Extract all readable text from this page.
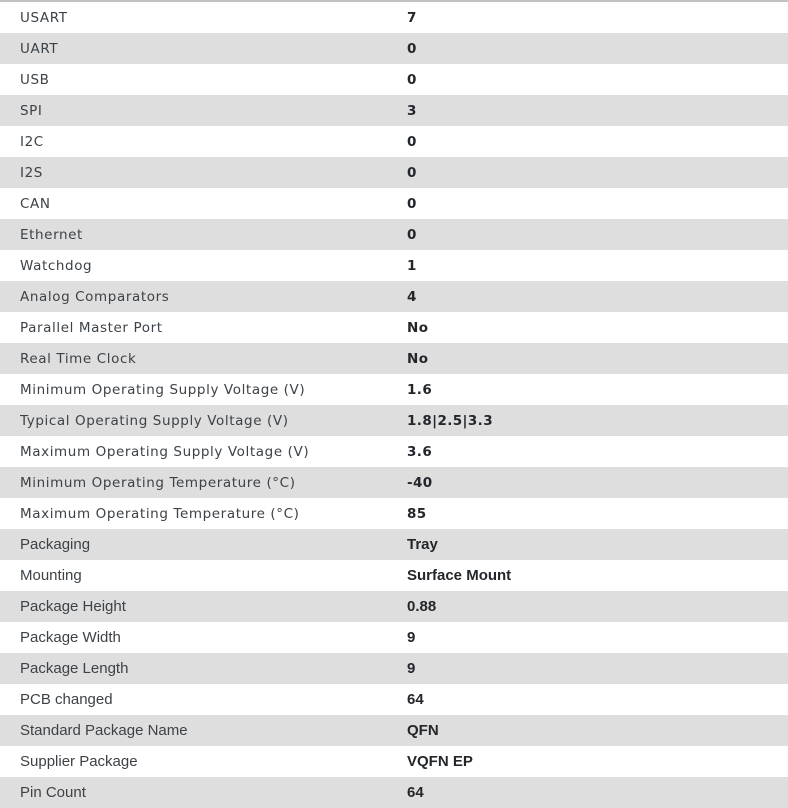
USART	7
UART	0
USB	0
SPI	3
I2C	0
I2S	0
CAN	0
Ethernet	0
Watchdog	1
Analog Comparators	4
Parallel Master Port	No
Real Time Clock	No
Minimum Operating Supply Voltage (V)	1.6
Typical Operating Supply Voltage (V)	1.8|2.5|3.3
Maximum Operating Supply Voltage (V)	3.6
Minimum Operating Temperature (°C)	-40
Maximum Operating Temperature (°C)	85
Packaging	Tray
Mounting	Surface Mount
Package Height	0.88
Package Width	9
Package Length	9
PCB changed	64
Standard Package Name	QFN
Supplier Package	VQFN EP
Pin Count	64
